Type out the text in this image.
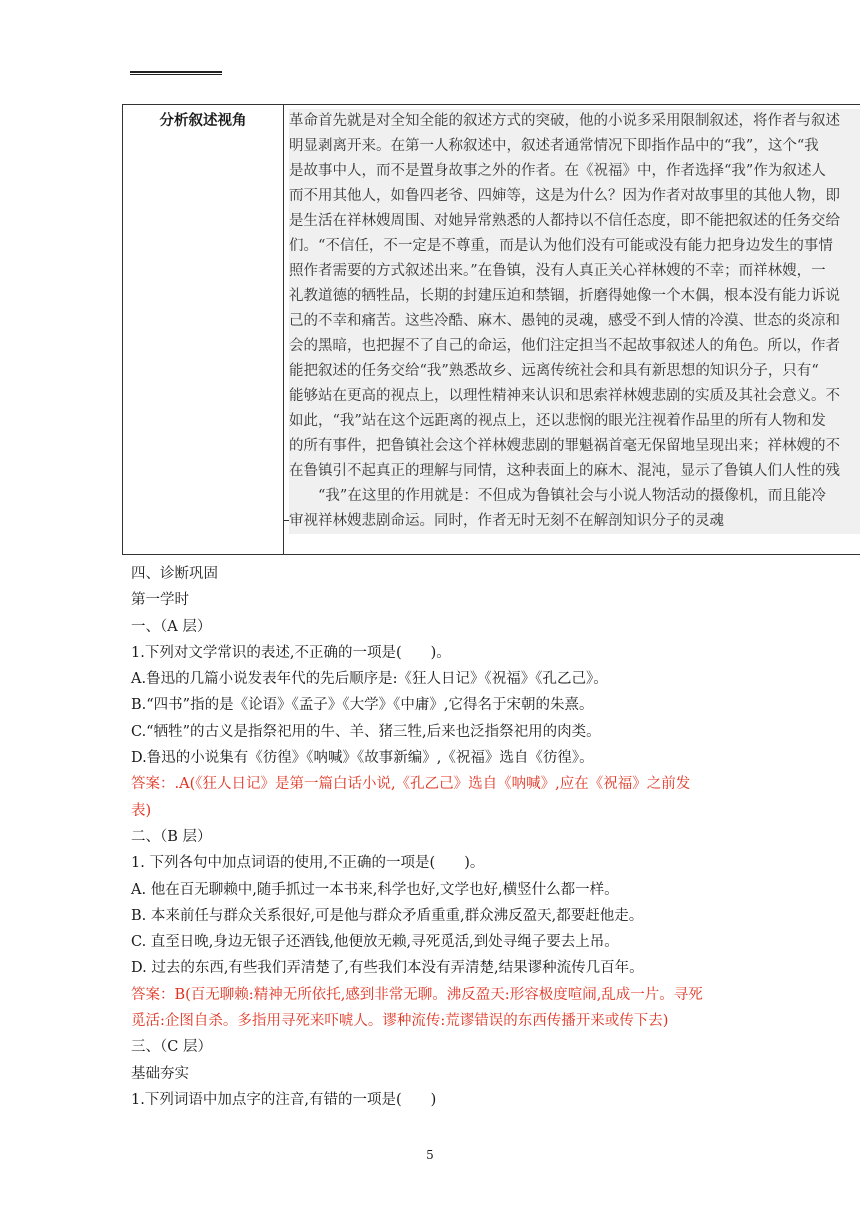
分析叙述视角	革命首先就是对全知全能的叙述方式的突破，他的小说多采用限制叙述，将作者与叙述
明显剥离开来。在第一人称叙述中，叙述者通常情况下即指作品中的“我”，这个“我
是故事中人，而不是置身故事之外的作者。在《祝福》中，作者选择“我”作为叙述人
而不用其他人，如鲁四老爷、四婶等，这是为什么？因为作者对故事里的其他人物，即
是生活在祥林嫂周围、对她异常熟悉的人都持以不信任态度，即不能把叙述的任务交给
们。“不信任，不一定是不尊重，而是认为他们没有可能或没有能力把身边发生的事情
照作者需要的方式叙述出来。”在鲁镇，没有人真正关心祥林嫂的不幸；而祥林嫂，一
礼教道德的牺牲品，长期的封建压迫和禁锢，折磨得她像一个木偶，根本没有能力诉说
己的不幸和痛苦。这些冷酷、麻木、愚钝的灵魂，感受不到人情的冷漠、世态的炎凉和
会的黑暗，也把握不了自己的命运，他们注定担当不起故事叙述人的角色。所以，作者
能把叙述的任务交给“我”熟悉故乡、远离传统社会和具有新思想的知识分子，只有“
能够站在更高的视点上，以理性精神来认识和思索祥林嫂悲剧的实质及其社会意义。不
如此，“我”站在这个远距离的视点上，还以悲悯的眼光注视着作品里的所有人物和发
的所有事件，把鲁镇社会这个祥林嫂悲剧的罪魁祸首毫无保留地呈现出来；祥林嫂的不
在鲁镇引不起真正的理解与同情，这种表面上的麻木、混沌，显示了鲁镇人们人性的残
　　“我”在这里的作用就是：不但成为鲁镇社会与小说人物活动的摄像机，而且能冷
审视祥林嫂悲剧命运。同时，作者无时无刻不在解剖知识分子的灵魂
四、诊断巩固
第一学时
一、（A 层）
1.下列对文学常识的表述,不正确的一项是(　　)。
A.鲁迅的几篇小说发表年代的先后顺序是:《狂人日记》《祝福》《孔乙己》。
B.“四书”指的是《论语》《孟子》《大学》《中庸》,它得名于宋朝的朱熹。
C.“牺牲”的古义是指祭祀用的牛、羊、猪三牲,后来也泛指祭祀用的肉类。
D.鲁迅的小说集有《彷徨》《呐喊》《故事新编》,《祝福》选自《彷徨》。
答案：.A(《狂人日记》是第一篇白话小说,《孔乙己》选自《呐喊》,应在《祝福》之前发
表)
二、（B 层）
1. 下列各句中加点词语的使用,不正确的一项是(　　)。
A. 他在百无聊赖中,随手抓过一本书来,科学也好,文学也好,横竖什么都一样。
B. 本来前任与群众关系很好,可是他与群众矛盾重重,群众沸反盈天,都要赶他走。
C. 直至日晚,身边无银子还酒钱,他便放无赖,寻死觅活,到处寻绳子要去上吊。
D. 过去的东西,有些我们弄清楚了,有些我们本没有弄清楚,结果谬种流传几百年。
答案：B(百无聊赖:精神无所依托,感到非常无聊。沸反盈天:形容极度喧闹,乱成一片。寻死
觅活:企图自杀。多指用寻死来吓唬人。谬种流传:荒谬错误的东西传播开来或传下去)
三、（C 层）
基础夯实
1.下列词语中加点字的注音,有错的一项是(　　)
5
